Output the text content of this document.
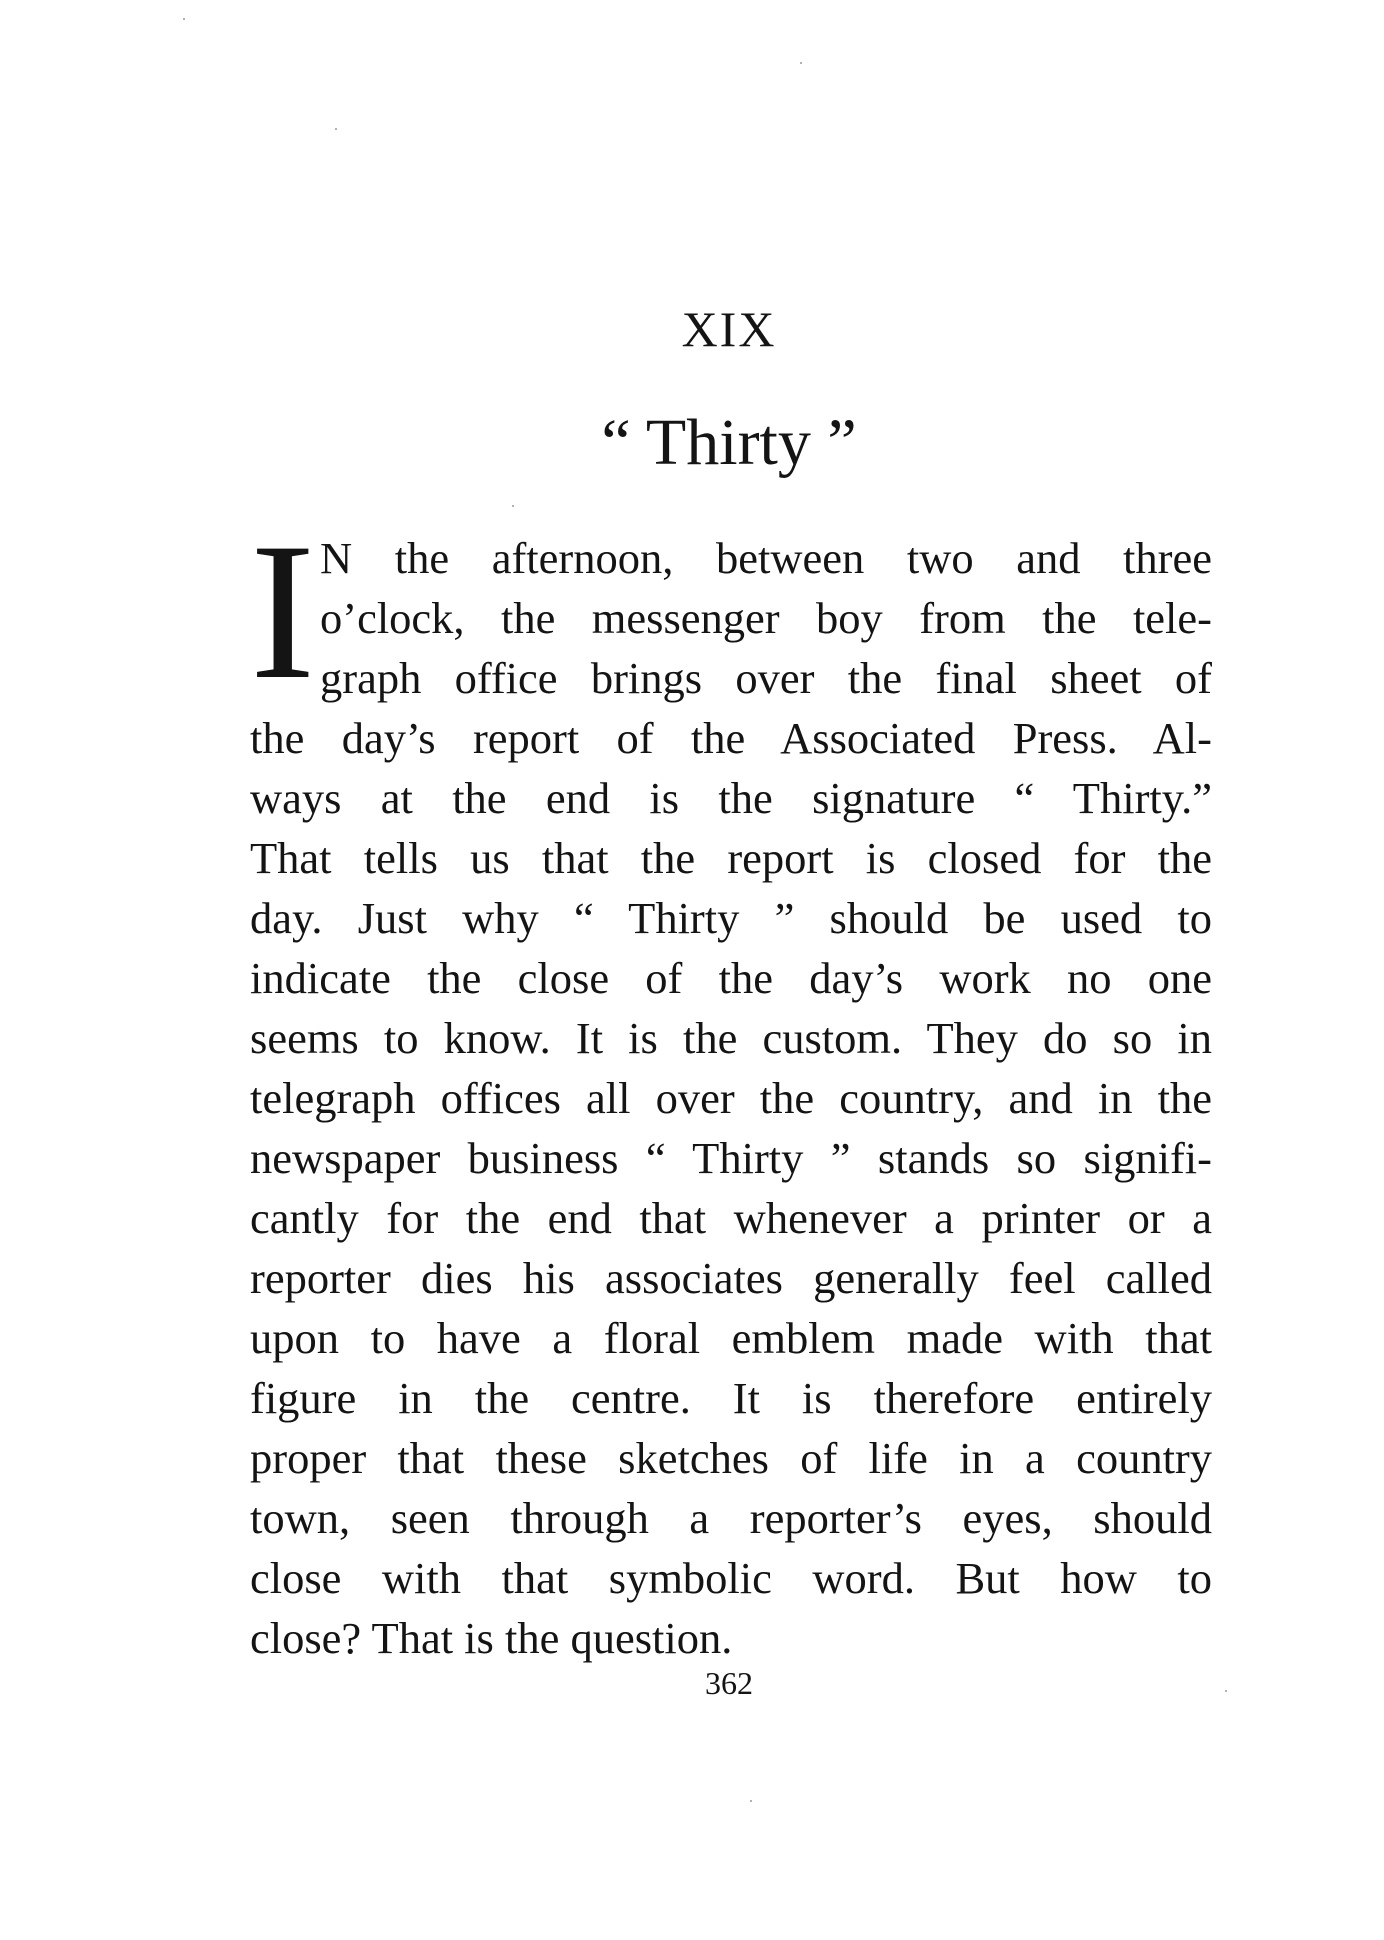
XIX
“ Thirty ”
I N the afternoon, between two and three
o’clock, the messenger boy from the tele-
graph office brings over the final sheet of
the day’s report of the Associated Press. Al-
ways at the end is the signature “ Thirty.”
That tells us that the report is closed for the
day. Just why “ Thirty ” should be used to
indicate the close of the day’s work no one
seems to know. It is the custom. They do so in
telegraph offices all over the country, and in the
newspaper business “ Thirty ” stands so signifi-
cantly for the end that whenever a printer or a
reporter dies his associates generally feel called
upon to have a floral emblem made with that
figure in the centre. It is therefore entirely
proper that these sketches of life in a country
town, seen through a reporter’s eyes, should
close with that symbolic word. But how to
close? That is the question.
362
